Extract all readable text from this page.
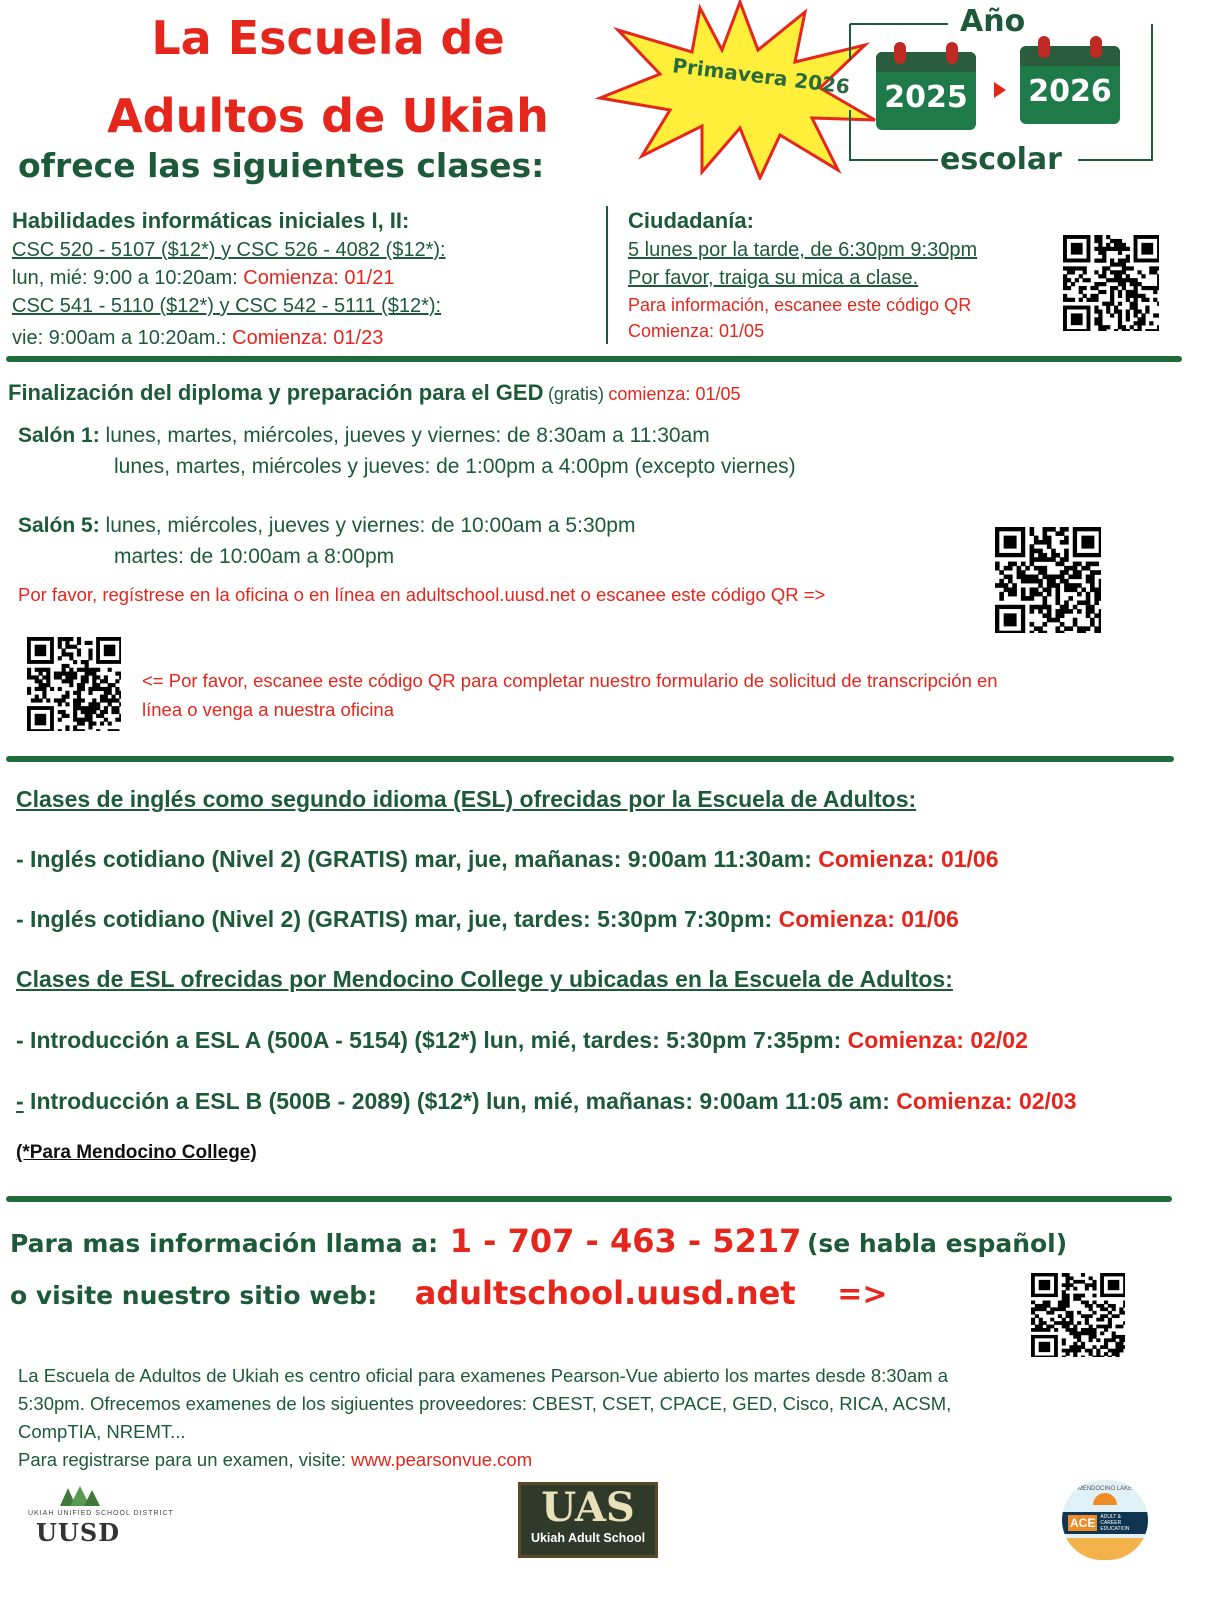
La Escuela de
Adultos de Ukiah
ofrece las siguientes clases:
Primavera 2026
Año
2025 2026
escolar
Habilidades informáticas iniciales I, II:
CSC 520 - 5107 ($12*) y CSC 526 - 4082 ($12*):
lun, mié: 9:00 a 10:20am: Comienza: 01/21
CSC 541 - 5110 ($12*) y CSC 542 - 5111 ($12*):
vie: 9:00am a 10:20am.: Comienza: 01/23
Ciudadanía:
5 lunes por la tarde, de 6:30pm 9:30pm
Por favor, traiga su mica a clase.
Para información, escanee este código QR
Comienza: 01/05
Finalización del diploma y preparación para el GED (gratis) comienza: 01/05
Salón 1: lunes, martes, miércoles, jueves y viernes: de 8:30am a 11:30am
lunes, martes, miércoles y jueves: de 1:00pm a 4:00pm (excepto viernes)
Salón 5: lunes, miércoles, jueves y viernes: de 10:00am a 5:30pm
martes: de 10:00am a 8:00pm
Por favor, regístrese en la oficina o en línea en adultschool.uusd.net o escanee este código QR =>
<= Por favor, escanee este código QR para completar nuestro formulario de solicitud de transcripción en
línea o venga a nuestra oficina
Clases de inglés como segundo idioma (ESL) ofrecidas por la Escuela de Adultos:
- Inglés cotidiano (Nivel 2) (GRATIS) mar, jue, mañanas: 9:00am 11:30am: Comienza: 01/06
- Inglés cotidiano (Nivel 2) (GRATIS) mar, jue, tardes: 5:30pm 7:30pm: Comienza: 01/06
Clases de ESL ofrecidas por Mendocino College y ubicadas en la Escuela de Adultos:
- Introducción a ESL A (500A - 5154) ($12*) lun, mié, tardes: 5:30pm 7:35pm: Comienza: 02/02
- Introducción a ESL B (500B - 2089) ($12*) lun, mié, mañanas: 9:00am 11:05 am: Comienza: 02/03
(*Para Mendocino College)
Para mas información llama a: 1 - 707 - 463 - 5217 (se habla español)
o visite nuestro sitio web: adultschool.uusd.net =>
La Escuela de Adultos de Ukiah es centro oficial para examenes Pearson-Vue abierto los martes desde 8:30am a
5:30pm. Ofrecemos examenes de los sigiuentes proveedores: CBEST, CSET, CPACE, GED, Cisco, RICA, ACSM,
CompTIA, NREMT...
Para registrarse para un examen, visite: www.pearsonvue.com
UKIAH UNIFIED SCHOOL DISTRICT
UUSD
UAS
Ukiah Adult School
MENDOCINO LAKE
ACE	ADULT & CAREER EDUCATION
